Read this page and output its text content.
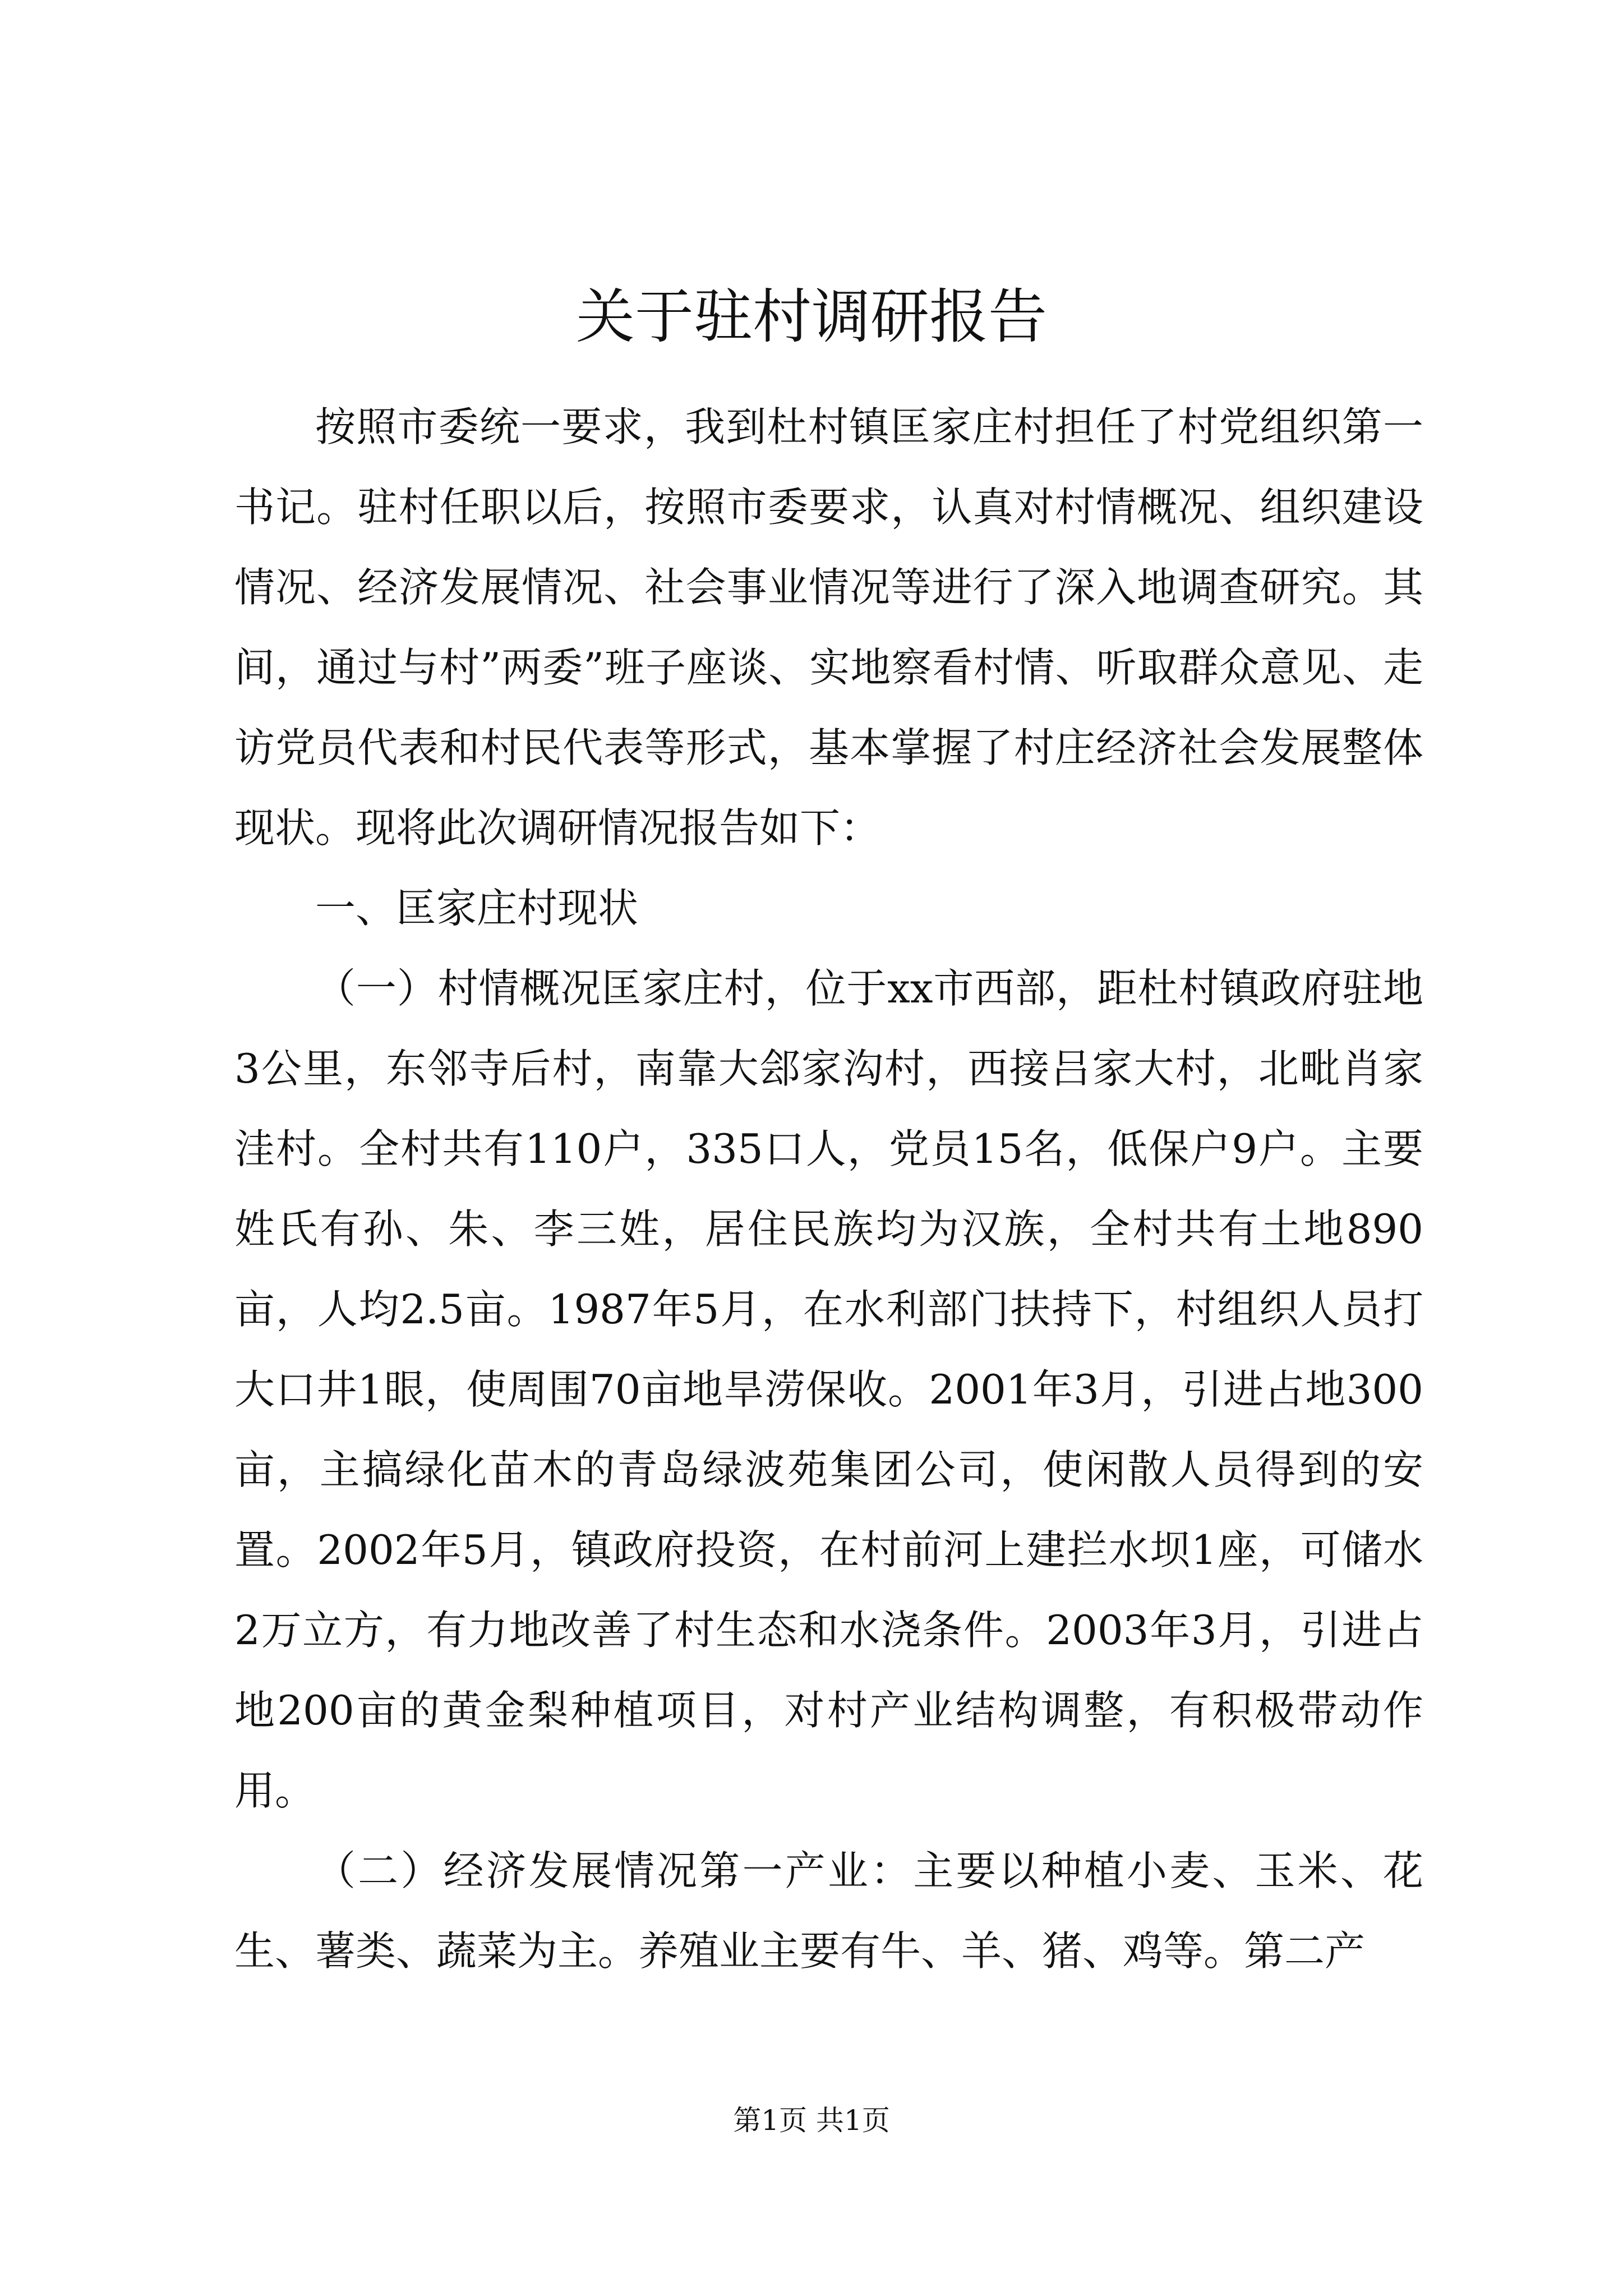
关于驻村调研报告

按照市委统一要求，我到杜村镇匡家庄村担任了村党组织第一书记。驻村任职以后，按照市委要求，认真对村情概况、组织建设情况、经济发展情况、社会事业情况等进行了深入地调查研究。其间，通过与村”两委”班子座谈、实地察看村情、听取群众意见、走访党员代表和村民代表等形式，基本掌握了村庄经济社会发展整体现状。现将此次调研情况报告如下：

一、匡家庄村现状

（一）村情概况匡家庄村，位于xx市西部，距杜村镇政府驻地3公里，东邻寺后村，南靠大郐家沟村，西接吕家大村，北毗肖家洼村。全村共有110户，335口人，党员15名，低保户9户。主要姓氏有孙、朱、李三姓，居住民族均为汉族，全村共有土地890亩，人均2.5亩。1987年5月，在水利部门扶持下，村组织人员打大口井1眼，使周围70亩地旱涝保收。2001年3月，引进占地300亩，主搞绿化苗木的青岛绿波苑集团公司，使闲散人员得到的安置。2002年5月，镇政府投资，在村前河上建拦水坝1座，可储水2万立方，有力地改善了村生态和水浇条件。2003年3月，引进占地200亩的黄金梨种植项目，对村产业结构调整，有积极带动作用。

（二）经济发展情况第一产业：主要以种植小麦、玉米、花生、薯类、蔬菜为主。养殖业主要有牛、羊、猪、鸡等。第二产

第1页 共1页
